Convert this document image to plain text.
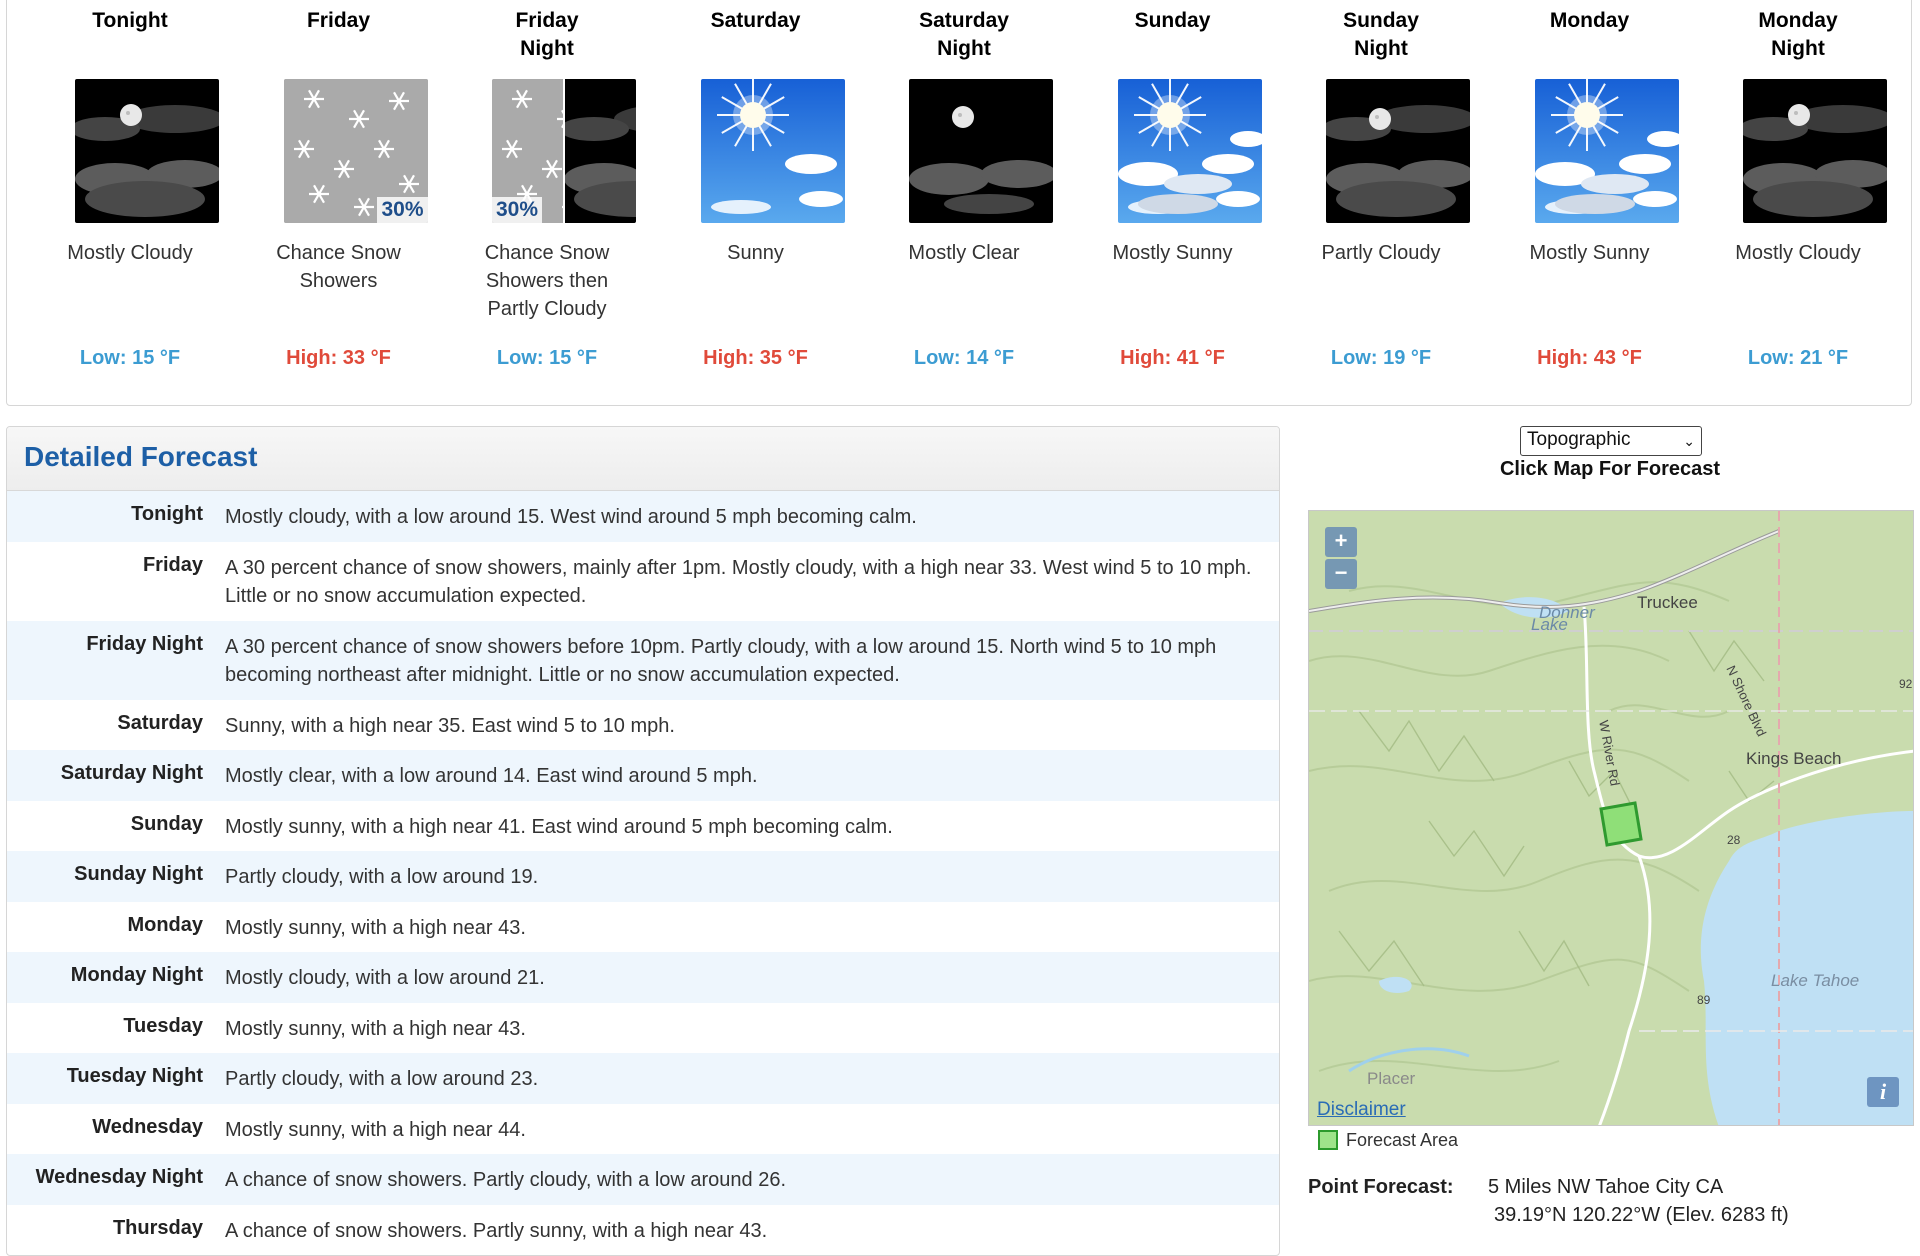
Tonight
Mostly Cloudy
Low: 15 °F
Friday
30%
Chance Snow
Showers
High: 33 °F
Friday
Night
30%
Chance Snow
Showers then
Partly Cloudy
Low: 15 °F
Saturday
Sunny
High: 35 °F
Saturday
Night
Mostly Clear
Low: 14 °F
Sunday
Mostly Sunny
High: 41 °F
Sunday
Night
Partly Cloudy
Low: 19 °F
Monday
Mostly Sunny
High: 43 °F
Monday
Night
Mostly Cloudy
Low: 21 °F
Detailed Forecast
Tonight Mostly cloudy, with a low around 15. West wind around 5 mph becoming calm.
Friday A 30 percent chance of snow showers, mainly after 1pm. Mostly cloudy, with a high near 33. West wind 5 to 10 mph. Little or no snow accumulation expected.
Friday Night A 30 percent chance of snow showers before 10pm. Partly cloudy, with a low around 15. North wind 5 to 10 mph becoming northeast after midnight. Little or no snow accumulation expected.
Saturday Sunny, with a high near 35. East wind 5 to 10 mph.
Saturday Night Mostly clear, with a low around 14. East wind around 5 mph.
Sunday Mostly sunny, with a high near 41. East wind around 5 mph becoming calm.
Sunday Night Partly cloudy, with a low around 19.
Monday Mostly sunny, with a high near 43.
Monday Night Mostly cloudy, with a low around 21.
Tuesday Mostly sunny, with a high near 43.
Tuesday Night Partly cloudy, with a low around 23.
Wednesday Mostly sunny, with a high near 44.
Wednesday Night A chance of snow showers. Partly cloudy, with a low around 26.
Thursday A chance of snow showers. Partly sunny, with a high near 43.
Topographic	⌄
Click Map For Forecast
Truckee
Donner
Lake
Kings Beach
Lake Tahoe
Placer
N Shore Blvd
W River Rd
28
89
92
+
−
i
Disclaimer
Forecast Area
Point Forecast: 5 Miles NW Tahoe City CA
39.19°N 120.22°W (Elev. 6283 ft)
